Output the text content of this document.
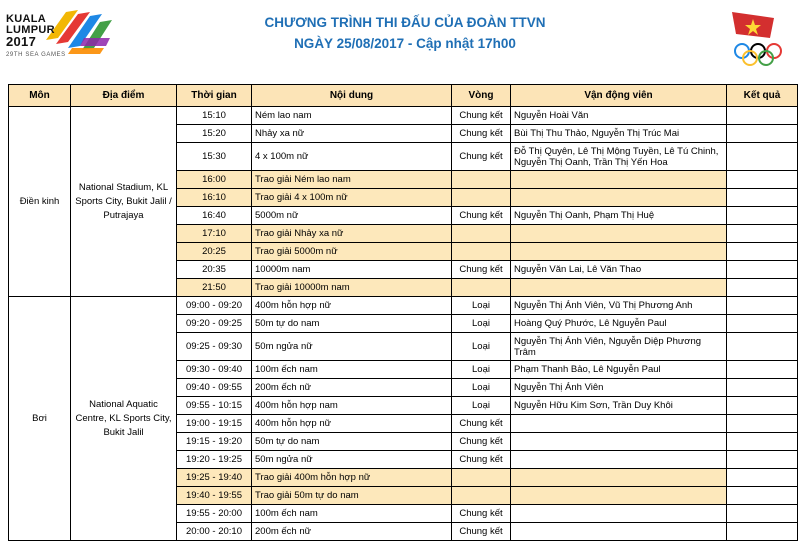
KUALA
LUMPUR
2017
29TH SEA GAMES
CHƯƠNG TRÌNH THI ĐẤU CỦA ĐOÀN TTVN
NGÀY 25/08/2017 - Cập nhật 17h00
Môn	Địa điểm	Thời gian	Nội dung	Vòng	Vận động viên	Kết quả
Điền kinh	National Stadium, KL Sports City, Bukit Jalil / Putrajaya	15:10	Ném lao nam	Chung kết	Nguyễn Hoài Văn	
		15:20	Nhảy xa nữ	Chung kết	Bùi Thị Thu Thảo, Nguyễn Thị Trúc Mai	
		15:30	4 x 100m nữ	Chung kết	Đỗ Thị Quyên, Lê Thị Mộng Tuyền, Lê Tú Chinh, Nguyễn Thị Oanh, Trần Thị Yến Hoa	
		16:00	Trao giải Ném lao nam			
		16:10	Trao giải 4 x 100m nữ			
		16:40	5000m nữ	Chung kết	Nguyễn Thị Oanh, Phạm Thị Huệ	
		17:10	Trao giải Nhảy xa nữ			
		20:25	Trao giải 5000m nữ			
		20:35	10000m nam	Chung kết	Nguyễn Văn Lai, Lê Văn Thao	
		21:50	Trao giải 10000m nam			
Bơi	National Aquatic Centre, KL Sports City, Bukit Jalil	09:00 - 09:20	400m hỗn hợp nữ	Loại	Nguyễn Thị Ánh Viên, Vũ Thị Phương Anh	
		09:20 - 09:25	50m tự do nam	Loại	Hoàng Quý Phước, Lê Nguyễn Paul	
		09:25 - 09:30	50m ngửa nữ	Loại	Nguyễn Thị Ánh Viên, Nguyễn Diệp Phương Trâm	
		09:30 - 09:40	100m ếch nam	Loại	Phạm Thanh Bảo, Lê Nguyễn Paul	
		09:40 - 09:55	200m ếch nữ	Loại	Nguyễn Thị Ánh Viên	
		09:55 - 10:15	400m hỗn hợp nam	Loại	Nguyễn Hữu Kim Sơn, Trần Duy Khôi	
		19:00 - 19:15	400m hỗn hợp nữ	Chung kết		
		19:15 - 19:20	50m tự do nam	Chung kết		
		19:20 - 19:25	50m ngửa nữ	Chung kết		
		19:25 - 19:40	Trao giải 400m hỗn hợp nữ			
		19:40 - 19:55	Trao giải 50m tự do nam			
		19:55 - 20:00	100m ếch nam	Chung kết		
		20:00 - 20:10	200m ếch nữ	Chung kết		
